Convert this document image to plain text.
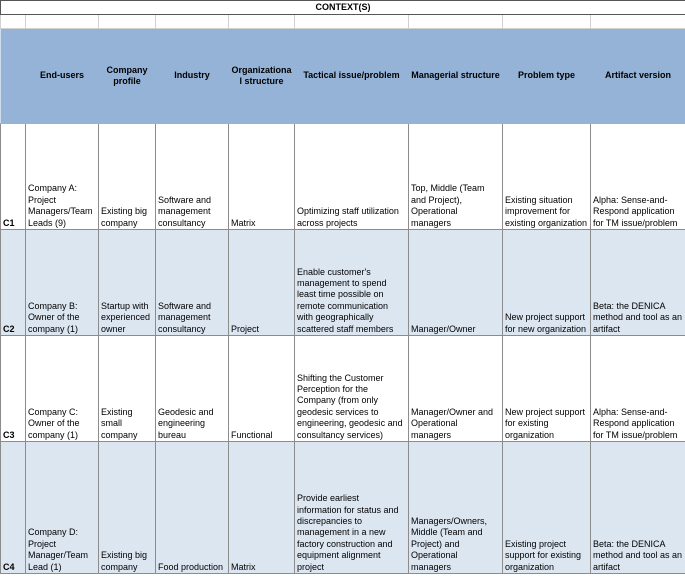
CONTEXT(S)								

	End-users	Company profile	Industry	Organizational structure	Tactical issue/problem	Managerial structure	Problem type	Artifact version
C1	Company A: Project Managers/Team Leads (9)	Existing big company	Software and management consultancy	Matrix	Optimizing staff utilization across projects	Top, Middle (Team and Project), Operational managers	Existing situation improvement for existing organization	Alpha: Sense-and-Respond application for TM issue/problem
C2	Company B: Owner of the company (1)	Startup with experienced owner	Software and management consultancy	Project	Enable customer's management to spend least time possible on remote communication with geographically scattered staff members	Manager/Owner	New project support for new organization	Beta: the DENICA method and tool as an artifact
C3	Company C: Owner of the company (1)	Existing small company	Geodesic and engineering bureau	Functional	Shifting the Customer Perception for the Company (from only geodesic services to engineering, geodesic and consultancy services)	Manager/Owner and Operational managers	New project support for existing organization	Alpha: Sense-and-Respond application for TM issue/problem
C4	Company D: Project Manager/Team Lead (1)	Existing big company	Food production	Matrix	Provide earliest information for status and discrepancies to management in a new factory construction and equipment alignment project	Managers/Owners, Middle (Team and Project) and Operational managers	Existing project support for existing organization	Beta: the DENICA method and tool as an artifact
